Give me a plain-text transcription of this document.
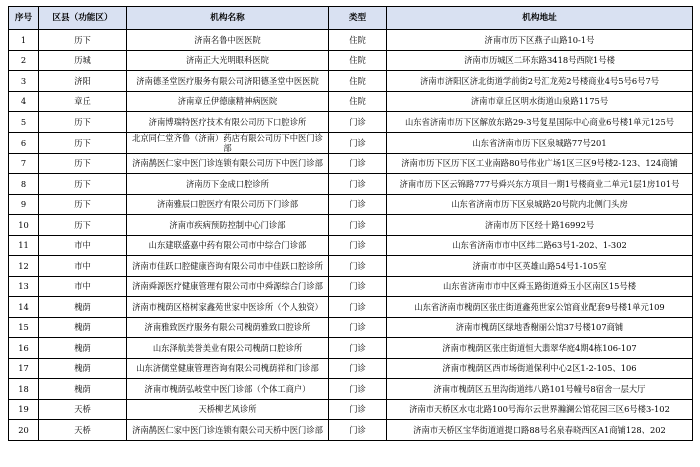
序号	区县（功能区）	机构名称	类型	机构地址
1	历下	济南名鲁中医医院	住院	济南市历下区燕子山路10-1号
2	历城	济南正大光明眼科医院	住院	济南市历城区二环东路3418号西院1号楼
3	济阳	济南德圣堂医疗服务有限公司济阳德圣堂中医医院	住院	济南市济阳区济北街道学前街2号汇龙苑2号楼商业4号5号6号7号
4	章丘	济南章丘伊德康精神病医院	住院	济南市章丘区明水街道山泉路1175号
5	历下	济南博瑞特医疗技术有限公司历下口腔诊所	门诊	山东省济南市历下区解放东路29-3号复星国际中心商业6号楼1单元125号
6	历下	北京同仁堂齐鲁（济南）药店有限公司历下中医门诊部	门诊	山东省济南市历下区泉城路77号201
7	历下	济南鹊医仁家中医门诊连锁有限公司历下中医门诊部	门诊	济南市历下区历下区工业南路80号伟业广场1区三区9号楼2-123、124商铺
8	历下	济南历下金成口腔诊所	门诊	济南市历下区云锦路777号舜兴东方项目一期1号楼商业二单元1层1房101号
9	历下	济南雅辰口腔医疗有限公司历下门诊部	门诊	山东省济南市历下区泉城路20号院内北侧门头房
10	历下	济南市疾病预防控制中心门诊部	门诊	济南市历下区经十路16992号
11	市中	山东建联盛嘉中药有限公司市中综合门诊部	门诊	山东省济南市市中区纬二路63号1-202、1-302
12	市中	济南市佳跃口腔健康咨询有限公司市中佳跃口腔诊所	门诊	济南市市中区英雄山路54号1-105室
13	市中	济南舜源医疗健康管理有限公司市中舜源综合门诊部	门诊	山东省济南市市中区舜玉路街道舜玉小区南区15号楼
14	槐荫	济南市槐荫区格树家鑫苑世家中医诊所（个人独资）	门诊	山东省济南市槐荫区张庄街道鑫苑世家公馆商业配套9号楼1单元109
15	槐荫	济南雅致医疗服务有限公司槐荫雅致口腔诊所	门诊	济南市槐荫区绿地香榭丽公馆37号楼107商铺
16	槐荫	山东泽航美誉美业有限公司槐荫口腔诊所	门诊	济南市槐荫区张庄街道恒大翡翠华庭4期4栋106-107
17	槐荫	山东济儒堂健康管理咨询有限公司槐荫祥和门诊部	门诊	济南市槐荫区西市场街道保利中心2区1-2-105、106
18	槐荫	济南市槐荫弘岐堂中医门诊部（个体工商户）	门诊	济南市槐荫区五里沟街道纬八路101号幢号8宿舍一层大厅
19	天桥	天桥柳艺风诊所	门诊	济南市天桥区水屯北路100号海尔云世界瀚澜公馆花园三区6号楼3-102
20	天桥	济南鹊医仁家中医门诊连锁有限公司天桥中医门诊部	门诊	济南市天桥区宝华街道道提口路88号名泉春晓西区A1商铺128、202
